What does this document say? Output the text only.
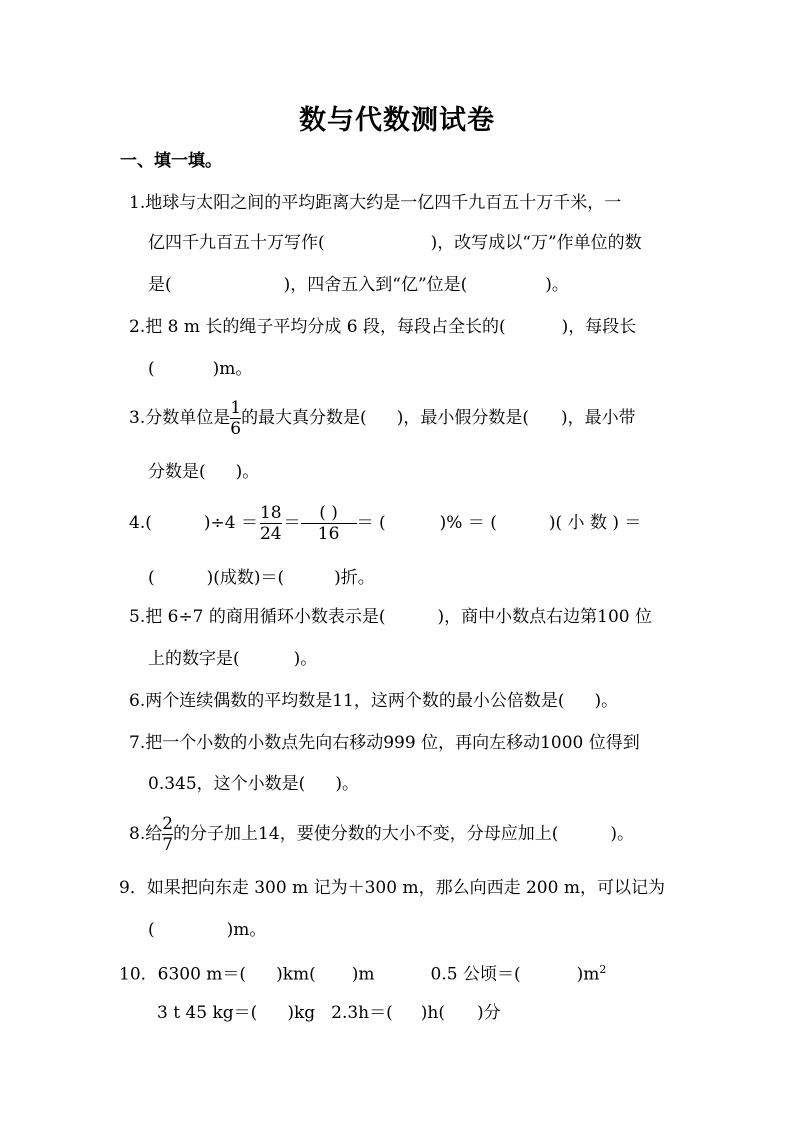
数与代数测试卷
一、填一填。
1.地球与太阳之间的平均距离大约是一亿四千九百五十万千米，一
亿四千九百五十万写作(	)，改写成以“万”作单位的数
是(	)，四舍五入到“亿”位是(	)。
2.把 8 m 长的绳子平均分成 6 段，每段占全长的(	)，每段长
(	)m。
3.分数单位是 $\frac{1}{6}$ 的最大真分数是( )，最小假分数是( )，最小带
分数是( )。
4.(	)$\div 4 = \frac{18}{24} = \frac{( )}{16}$ ＝ (	)% ＝ (	)( 小 数 ) ＝
(	)(成数)＝(	)折。
5.把 6÷7 的商用循环小数表示是(	)，商中小数点右边第100 位
上的数字是(	)。
6.两个连续偶数的平均数是11，这两个数的最小公倍数是( )。
7.把一个小数的小数点先向右移动999 位，再向左移动1000 位得到
0.345，这个小数是( )。
8.给 $\frac{2}{7}$ 的分子加上14，要使分数的大小不变，分母应加上(	)。
9．如果把向东走 300 m 记为＋300 m，那么向西走 200 m，可以记为
(	)m。
10．6300 m＝( )km( )m	0.5 公顷＝(	)$m^2$
3 t 45 kg＝( )kg 2.3h＝( )h( )分
